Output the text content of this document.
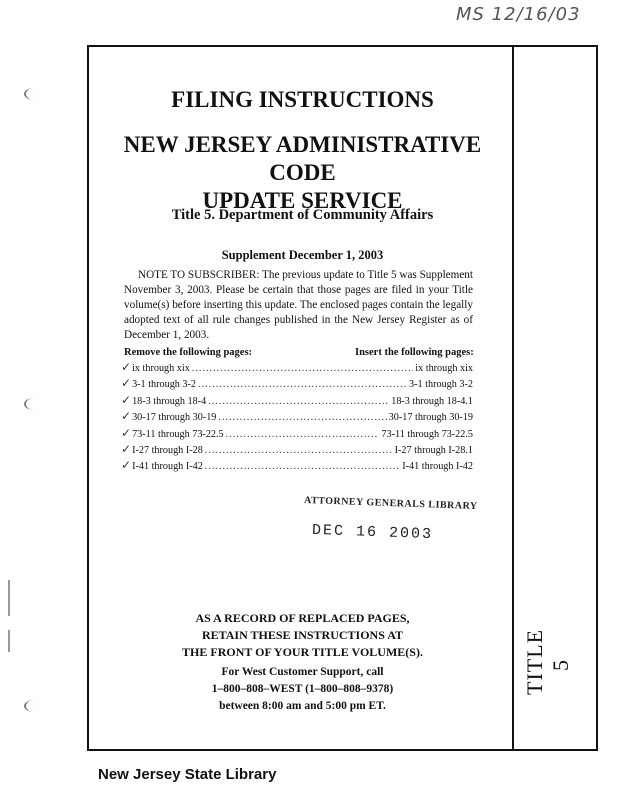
MS 12/16/03
TITLE 5
FILING INSTRUCTIONS
NEW JERSEY ADMINISTRATIVE CODE
UPDATE SERVICE
Title 5. Department of Community Affairs
Supplement December 1, 2003
NOTE TO SUBSCRIBER: The previous update to Title 5 was Supplement November 3, 2003. Please be certain that those pages are filed in your Title volume(s) before inserting this update. The enclosed pages contain the legally adopted text of all rule changes published in the New Jersey Register as of December 1, 2003.
Remove the following pages:	Insert the following pages:
✓ ix through xix .....	ix through xix
✓ 3-1 through 3-2 .....	3-1 through 3-2
✓ 18-3 through 18-4 .....	18-3 through 18-4.1
✓ 30-17 through 30-19 .....	30-17 through 30-19
✓ 73-11 through 73-22.5 .....	73-11 through 73-22.5
✓ I-27 through I-28 .....	I-27 through I-28.1
✓ I-41 through I-42 .....	I-41 through I-42
ATTORNEY GENERALS LIBRARY
DEC 16 2003
AS A RECORD OF REPLACED PAGES,
RETAIN THESE INSTRUCTIONS AT
THE FRONT OF YOUR TITLE VOLUME(S).
For West Customer Support, call
1–800–808–WEST (1–800–808–9378)
between 8:00 am and 5:00 pm ET.
New Jersey State Library
